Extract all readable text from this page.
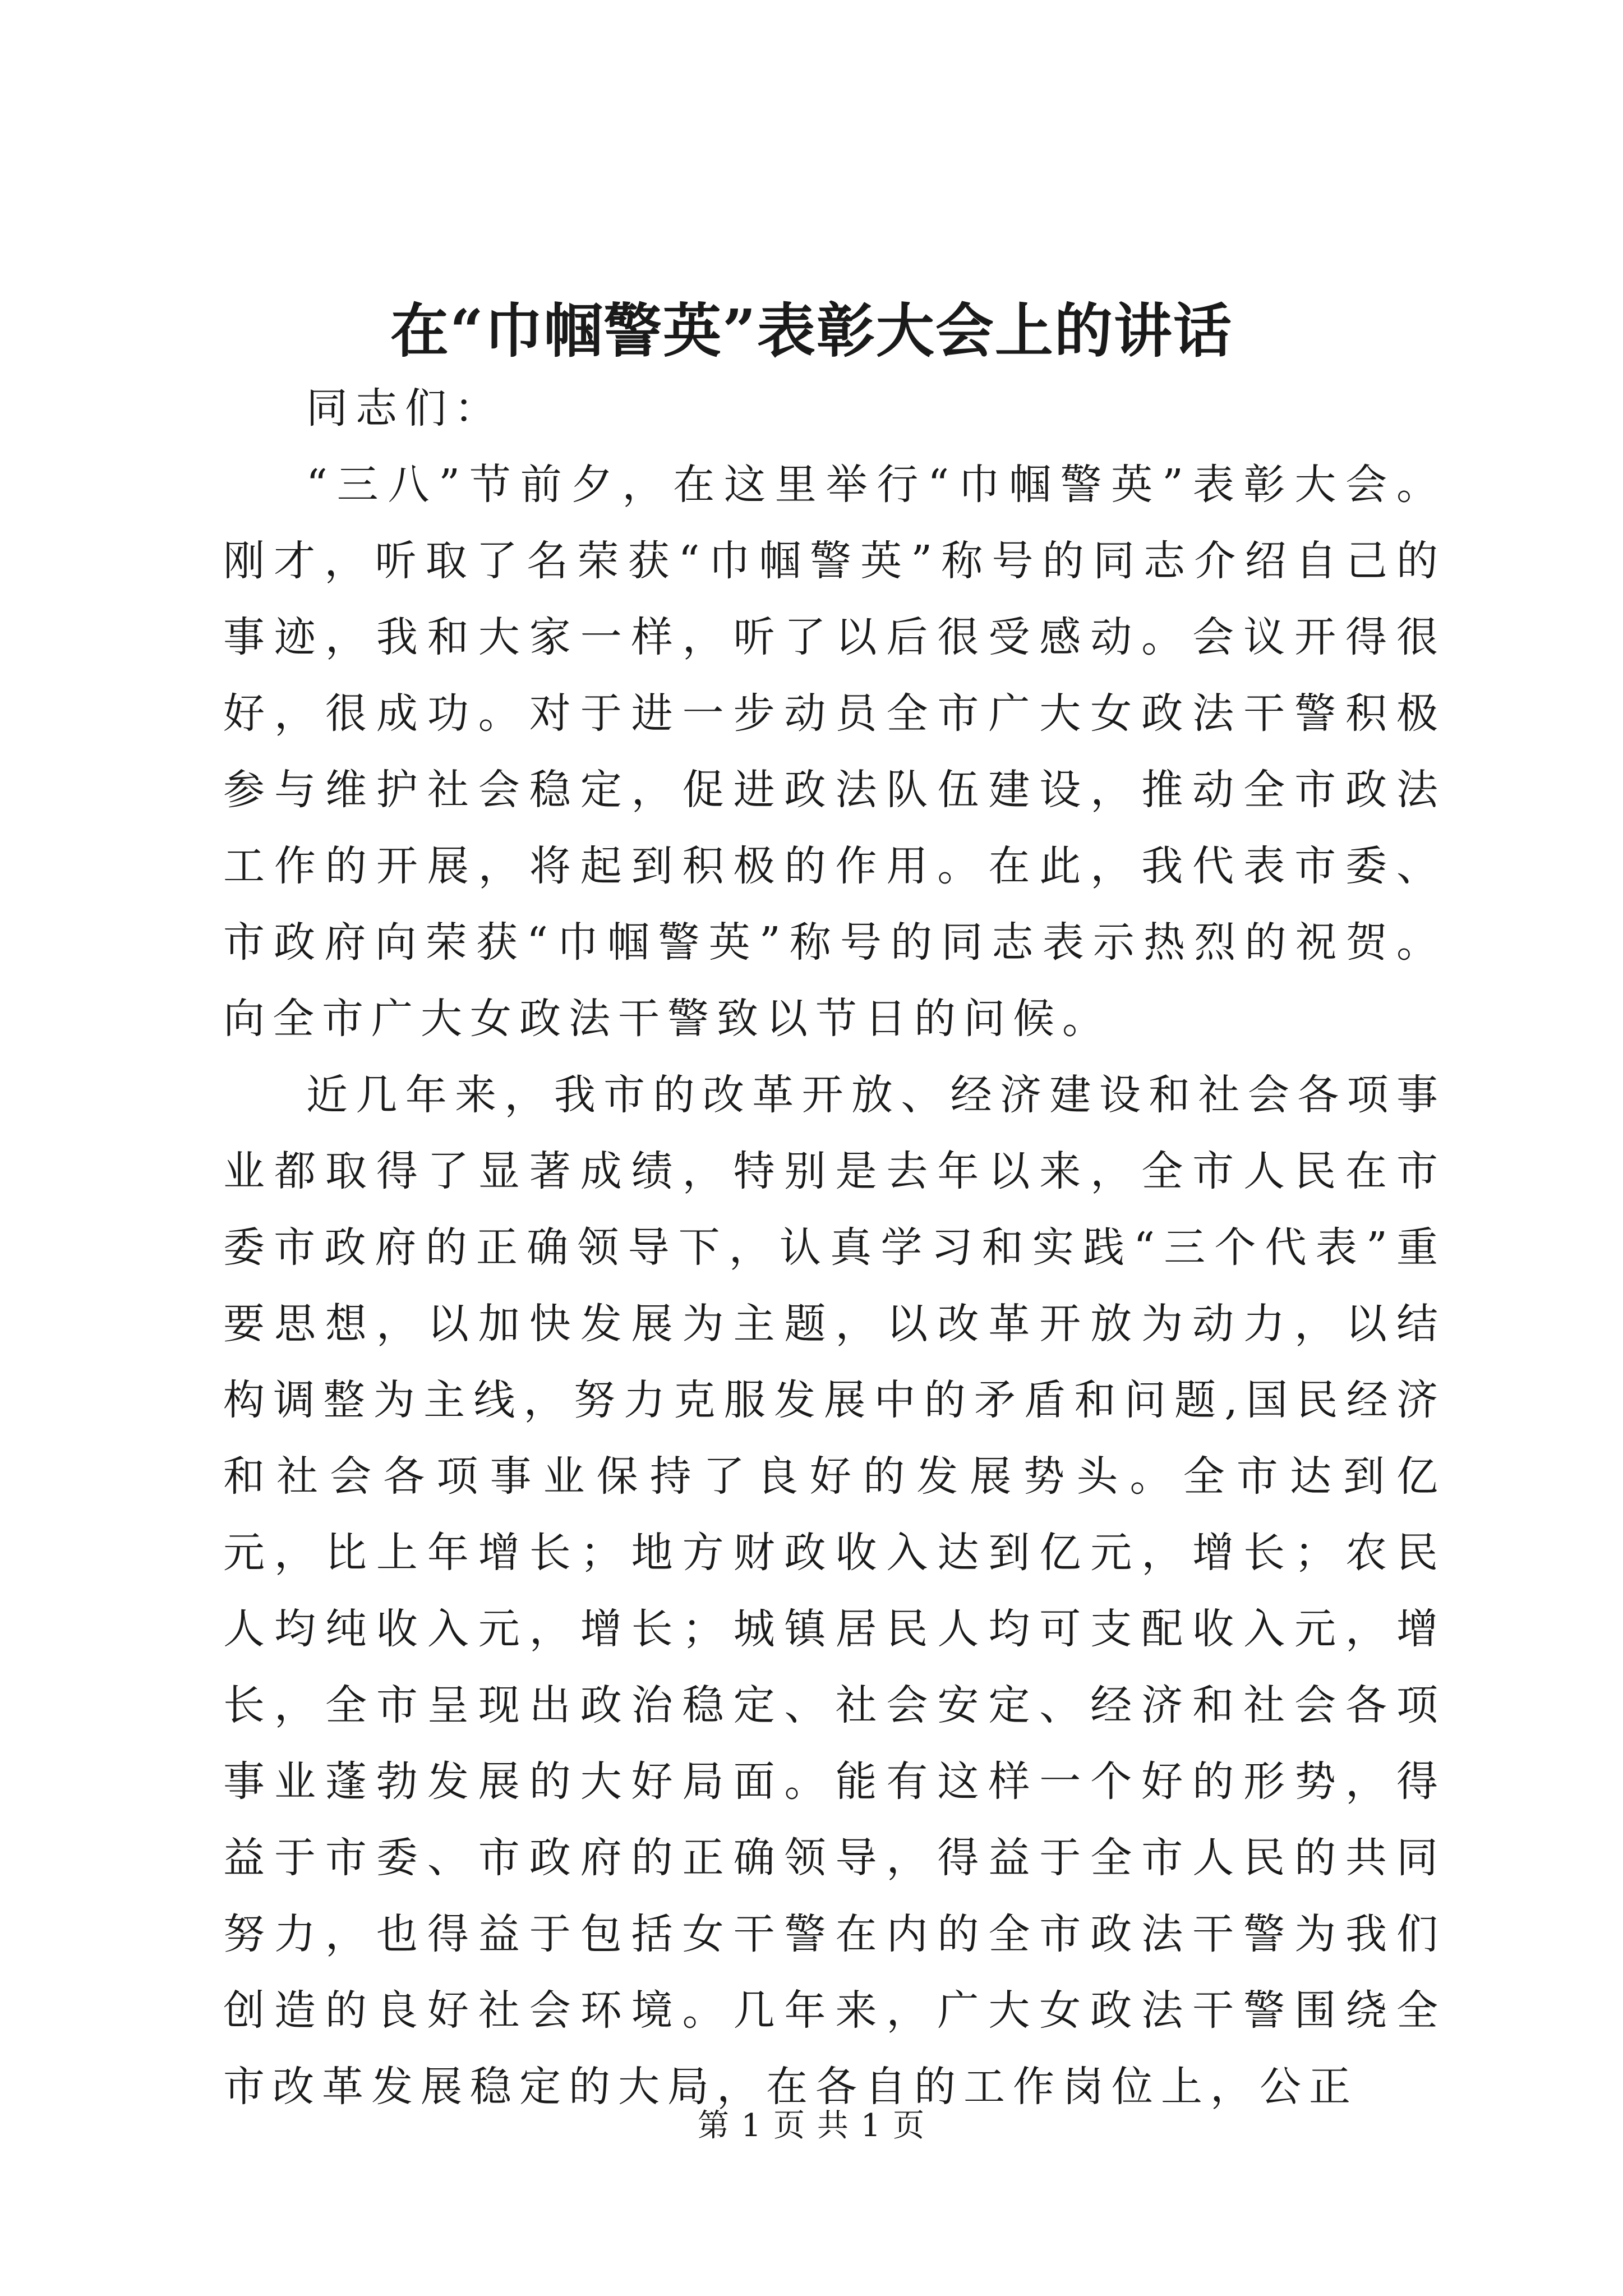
在“巾帼警英”表彰大会上的讲话

同志们：

“三八”节前夕，在这里举行“巾帼警英”表彰大会。刚才，听取了名荣获“巾帼警英”称号的同志介绍自己的事迹，我和大家一样，听了以后很受感动。会议开得很好，很成功。对于进一步动员全市广大女政法干警积极参与维护社会稳定，促进政法队伍建设，推动全市政法工作的开展，将起到积极的作用。在此，我代表市委、市政府向荣获“巾帼警英”称号的同志表示热烈的祝贺。向全市广大女政法干警致以节日的问候。

近几年来，我市的改革开放、经济建设和社会各项事业都取得了显著成绩，特别是去年以来，全市人民在市委市政府的正确领导下，认真学习和实践“三个代表”重要思想，以加快发展为主题，以改革开放为动力，以结构调整为主线，努力克服发展中的矛盾和问题,国民经济和社会各项事业保持了良好的发展势头。全市达到亿元，比上年增长；地方财政收入达到亿元，增长；农民人均纯收入元，增长；城镇居民人均可支配收入元，增长，全市呈现出政治稳定、社会安定、经济和社会各项事业蓬勃发展的大好局面。能有这样一个好的形势，得益于市委、市政府的正确领导，得益于全市人民的共同努力，也得益于包括女干警在内的全市政法干警为我们创造的良好社会环境。几年来，广大女政法干警围绕全市改革发展稳定的大局，在各自的工作岗位上，公正

第 1 页 共 1 页
